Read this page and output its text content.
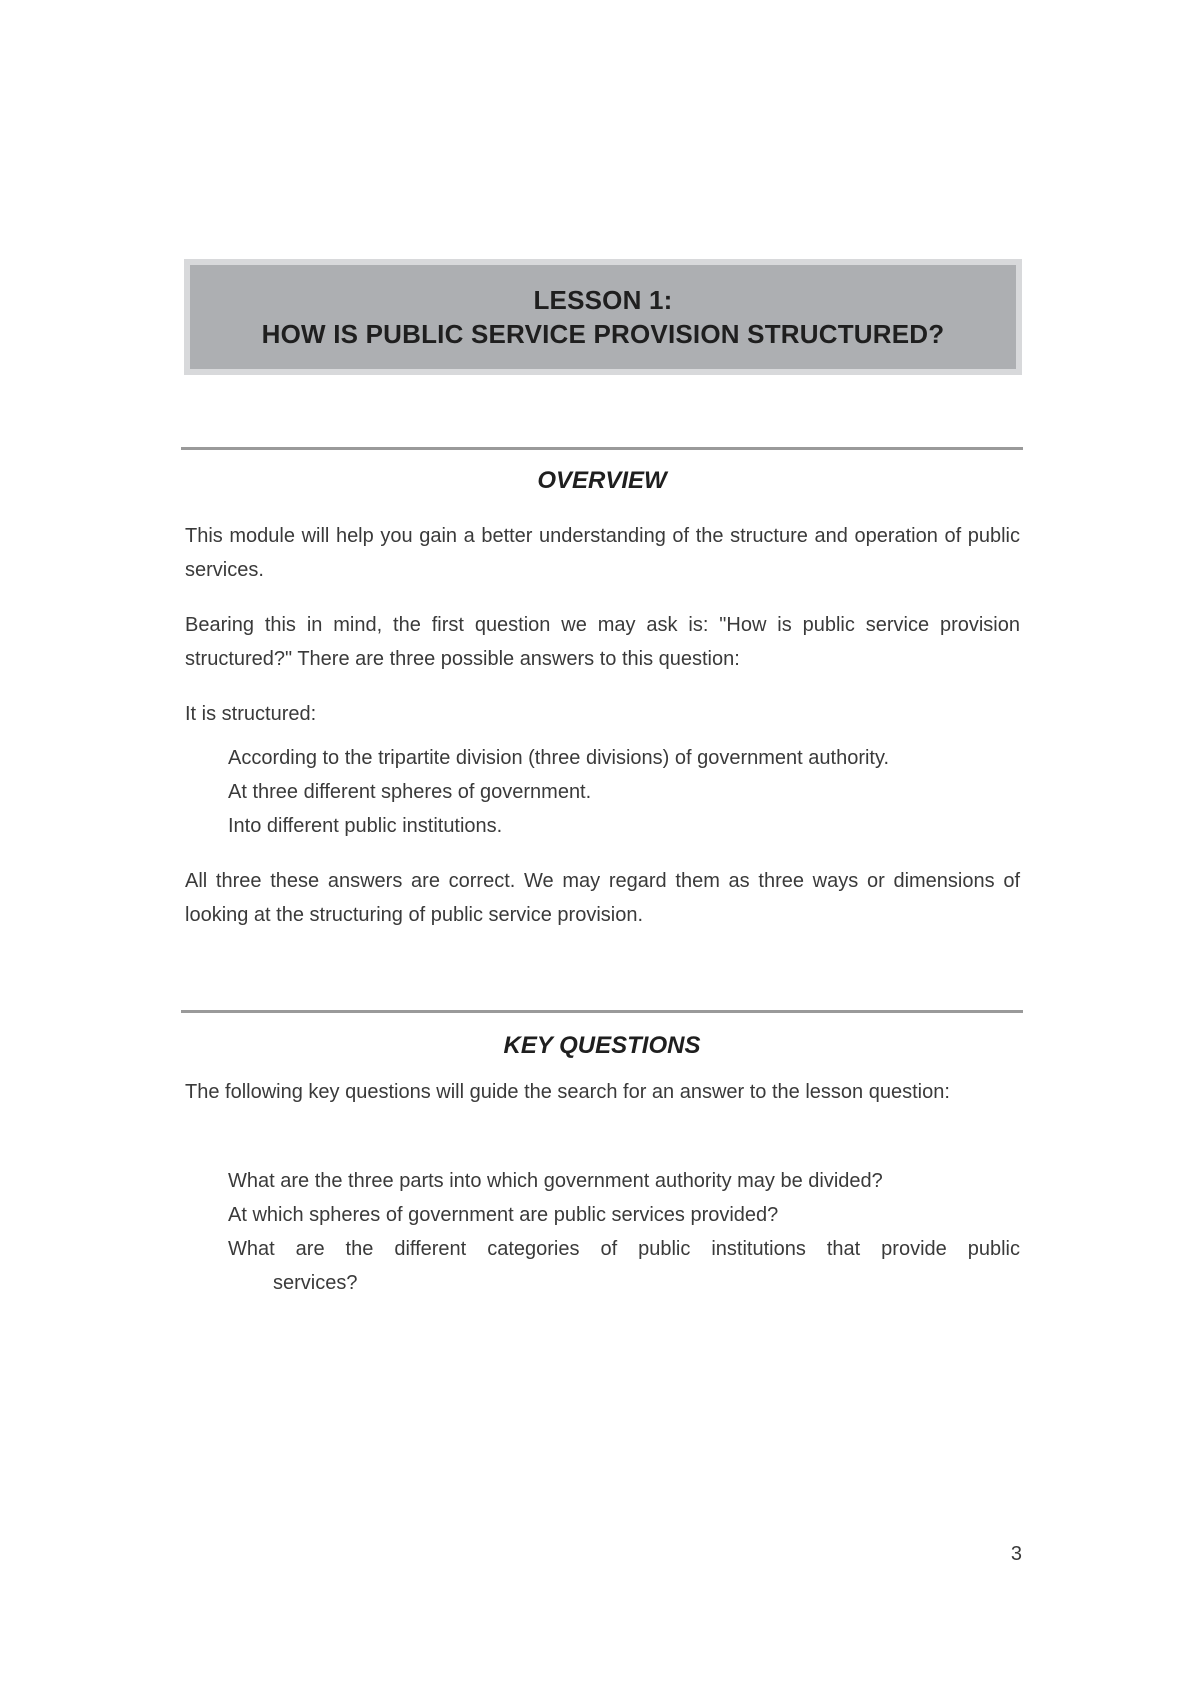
LESSON 1:
HOW IS PUBLIC SERVICE PROVISION STRUCTURED?
OVERVIEW
This module will help you gain a better understanding of the structure and operation of public services.
Bearing this in mind, the first question we may ask is: "How is public service provision structured?" There are three possible answers to this question:
It is structured:
According to the tripartite division (three divisions) of government authority.
At three different spheres of government.
Into different public institutions.
All three these answers are correct. We may regard them as three ways or dimensions of looking at the structuring of public service provision.
KEY QUESTIONS
The following key questions will guide the search for an answer to the lesson question:
What are the three parts into which government authority may be divided?
At which spheres of government are public services provided?
What are the different categories of public institutions that provide public
services?
3
